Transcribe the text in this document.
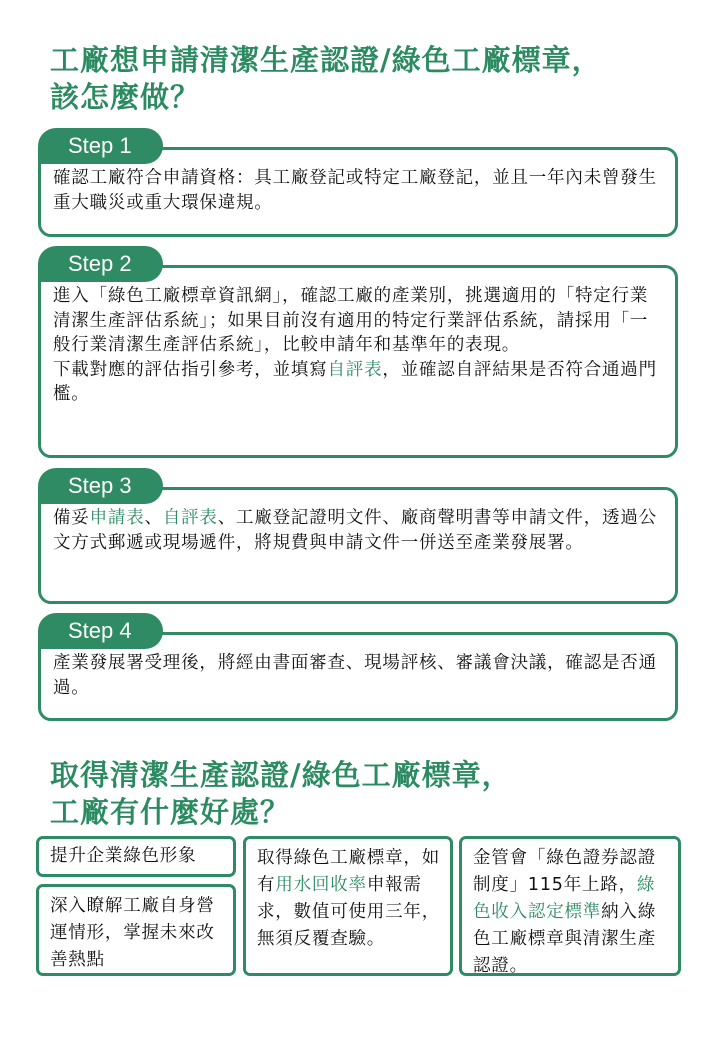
工廠想申請清潔生產認證/綠色工廠標章，
該怎麼做？
確認工廠符合申請資格：具工廠登記或特定工廠登記，並且一年內未曾發生重大職災或重大環保違規。
Step 1
進入「綠色工廠標章資訊網」，確認工廠的產業別，挑選適用的「特定行業清潔生產評估系統」；如果目前沒有適用的特定行業評估系統，請採用「一般行業清潔生產評估系統」，比較申請年和基準年的表現。
下載對應的評估指引參考，並填寫自評表，並確認自評結果是否符合通過門檻。
Step 2
備妥申請表、自評表、工廠登記證明文件、廠商聲明書等申請文件，透過公文方式郵遞或現場遞件，將規費與申請文件一併送至產業發展署。
Step 3
產業發展署受理後，將經由書面審查、現場評核、審議會決議，確認是否通過。
Step 4
取得清潔生產認證/綠色工廠標章，
工廠有什麼好處？
提升企業綠色形象
深入瞭解工廠自身營運情形，掌握未來改善熱點
取得綠色工廠標章，如有用水回收率申報需求，數值可使用三年，無須反覆查驗。
金管會「綠色證券認證制度」115年上路，綠色收入認定標準納入綠色工廠標章與清潔生產認證。
